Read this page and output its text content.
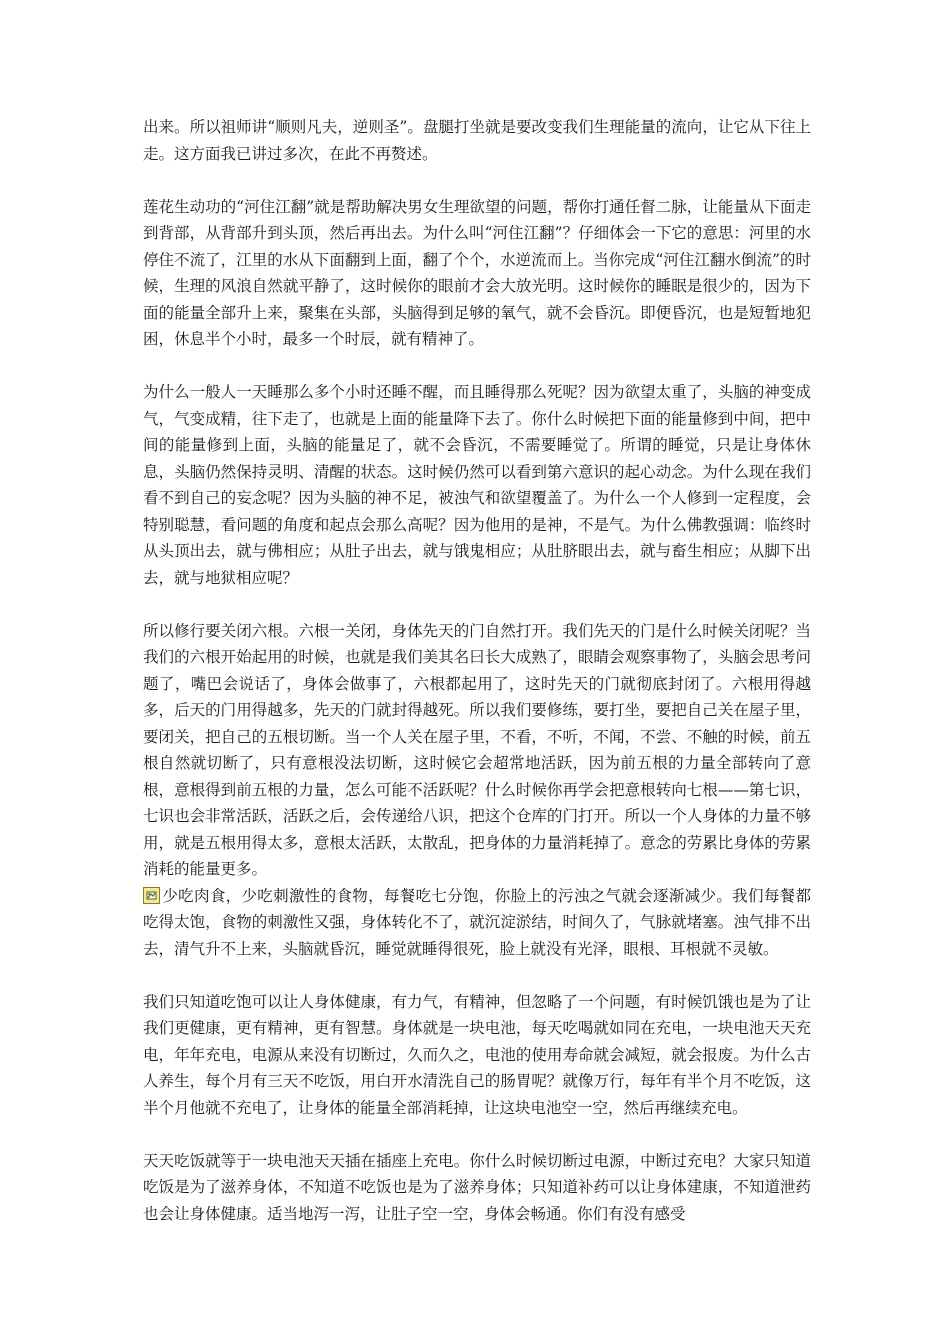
出来。所以祖师讲“顺则凡夫，逆则圣”。盘腿打坐就是要改变我们生理能量的流向，让它从下往上走。这方面我已讲过多次，在此不再赘述。

莲花生动功的“河住江翻”就是帮助解决男女生理欲望的问题，帮你打通任督二脉，让能量从下面走到背部，从背部升到头顶，然后再出去。为什么叫“河住江翻”？仔细体会一下它的意思：河里的水停住不流了，江里的水从下面翻到上面，翻了个个，水逆流而上。当你完成“河住江翻水倒流”的时候，生理的风浪自然就平静了，这时候你的眼前才会大放光明。这时候你的睡眠是很少的，因为下面的能量全部升上来，聚集在头部，头脑得到足够的氧气，就不会昏沉。即便昏沉，也是短暂地犯困，休息半个小时，最多一个时辰，就有精神了。

为什么一般人一天睡那么多个小时还睡不醒，而且睡得那么死呢？因为欲望太重了，头脑的神变成气，气变成精，往下走了，也就是上面的能量降下去了。你什么时候把下面的能量修到中间，把中间的能量修到上面，头脑的能量足了，就不会昏沉，不需要睡觉了。所谓的睡觉，只是让身体休息，头脑仍然保持灵明、清醒的状态。这时候仍然可以看到第六意识的起心动念。为什么现在我们看不到自己的妄念呢？因为头脑的神不足，被浊气和欲望覆盖了。为什么一个人修到一定程度，会特别聪慧，看问题的角度和起点会那么高呢？因为他用的是神，不是气。为什么佛教强调：临终时从头顶出去，就与佛相应；从肚子出去，就与饿鬼相应；从肚脐眼出去，就与畜生相应；从脚下出去，就与地狱相应呢？

所以修行要关闭六根。六根一关闭，身体先天的门自然打开。我们先天的门是什么时候关闭呢？当我们的六根开始起用的时候，也就是我们美其名曰长大成熟了，眼睛会观察事物了，头脑会思考问题了，嘴巴会说话了，身体会做事了，六根都起用了，这时先天的门就彻底封闭了。六根用得越多，后天的门用得越多，先天的门就封得越死。所以我们要修练，要打坐，要把自己关在屋子里，要闭关，把自己的五根切断。当一个人关在屋子里，不看，不听，不闻，不尝、不触的时候，前五根自然就切断了，只有意根没法切断，这时候它会超常地活跃，因为前五根的力量全部转向了意根，意根得到前五根的力量，怎么可能不活跃呢？什么时候你再学会把意根转向七根——第七识，七识也会非常活跃，活跃之后，会传递给八识，把这个仓库的门打开。所以一个人身体的力量不够用，就是五根用得太多，意根太活跃，太散乱，把身体的力量消耗掉了。意念的劳累比身体的劳累消耗的能量更多。

少吃肉食，少吃刺激性的食物，每餐吃七分饱，你脸上的污浊之气就会逐渐减少。我们每餐都吃得太饱，食物的刺激性又强，身体转化不了，就沉淀淤结，时间久了，气脉就堵塞。浊气排不出去，清气升不上来，头脑就昏沉，睡觉就睡得很死，脸上就没有光泽，眼根、耳根就不灵敏。

我们只知道吃饱可以让人身体健康，有力气，有精神，但忽略了一个问题，有时候饥饿也是为了让我们更健康，更有精神，更有智慧。身体就是一块电池，每天吃喝就如同在充电，一块电池天天充电，年年充电，电源从来没有切断过，久而久之，电池的使用寿命就会减短，就会报废。为什么古人养生，每个月有三天不吃饭，用白开水清洗自己的肠胃呢？就像万行，每年有半个月不吃饭，这半个月他就不充电了，让身体的能量全部消耗掉，让这块电池空一空，然后再继续充电。

天天吃饭就等于一块电池天天插在插座上充电。你什么时候切断过电源，中断过充电？大家只知道吃饭是为了滋养身体，不知道不吃饭也是为了滋养身体；只知道补药可以让身体建康，不知道泄药也会让身体健康。适当地泻一泻，让肚子空一空，身体会畅通。你们有没有感受
